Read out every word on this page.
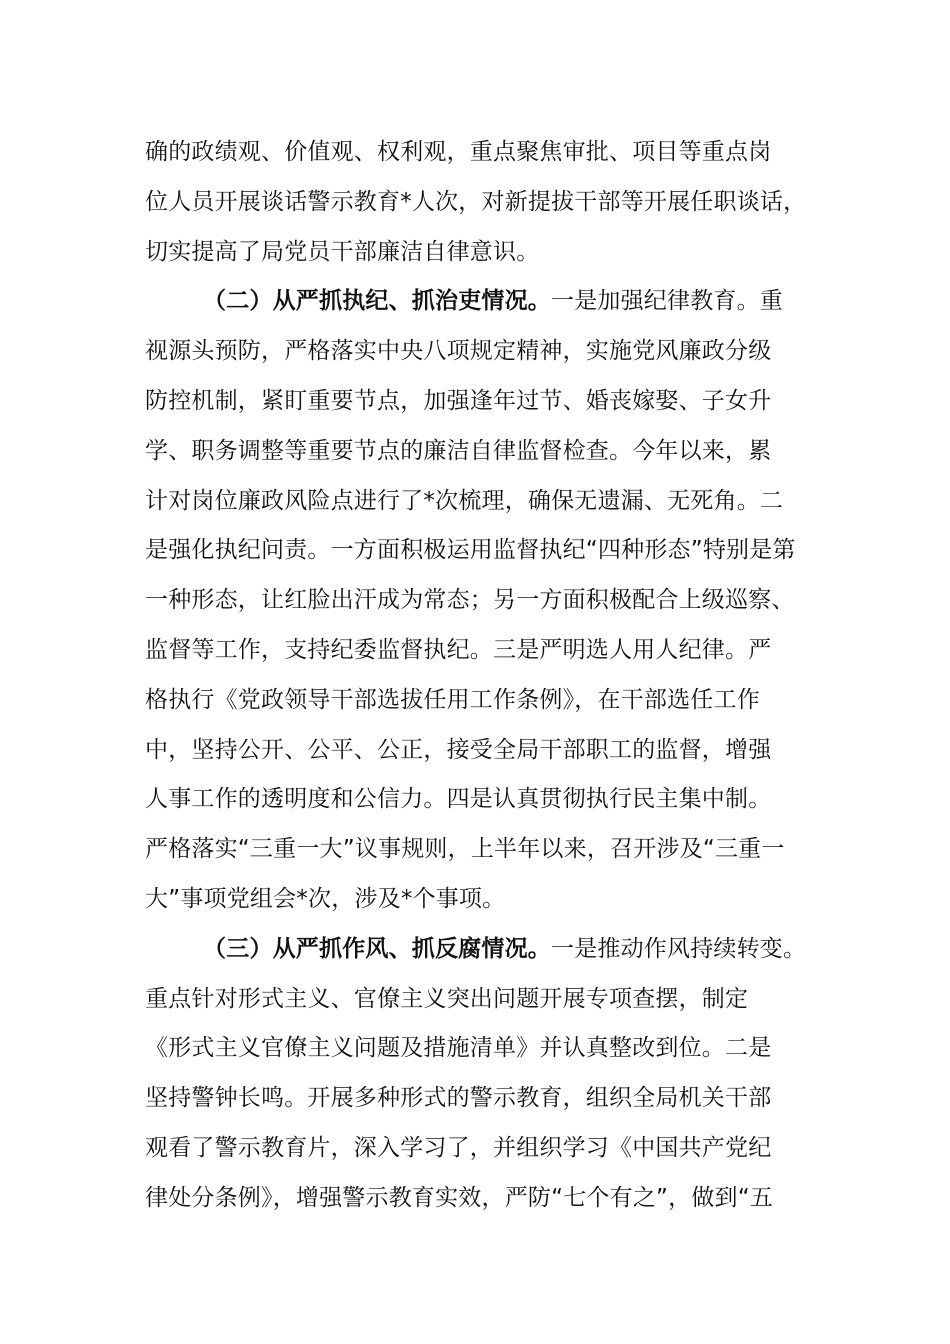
确的政绩观、价值观、权利观，重点聚焦审批、项目等重点岗
位人员开展谈话警示教育*人次，对新提拔干部等开展任职谈话，
切实提高了局党员干部廉洁自律意识。
（二）从严抓执纪、抓治吏情况。一是加强纪律教育。重
视源头预防，严格落实中央八项规定精神，实施党风廉政分级
防控机制，紧盯重要节点，加强逢年过节、婚丧嫁娶、子女升
学、职务调整等重要节点的廉洁自律监督检查。今年以来，累
计对岗位廉政风险点进行了*次梳理，确保无遗漏、无死角。二
是强化执纪问责。一方面积极运用监督执纪“四种形态”特别是第
一种形态，让红脸出汗成为常态；另一方面积极配合上级巡察、
监督等工作，支持纪委监督执纪。三是严明选人用人纪律。严
格执行《党政领导干部选拔任用工作条例》，在干部选任工作
中，坚持公开、公平、公正，接受全局干部职工的监督，增强
人事工作的透明度和公信力。四是认真贯彻执行民主集中制。
严格落实“三重一大”议事规则，上半年以来，召开涉及“三重一
大”事项党组会*次，涉及*个事项。
（三）从严抓作风、抓反腐情况。一是推动作风持续转变。
重点针对形式主义、官僚主义突出问题开展专项查摆，制定
《形式主义官僚主义问题及措施清单》并认真整改到位。二是
坚持警钟长鸣。开展多种形式的警示教育，组织全局机关干部
观看了警示教育片，深入学习了，并组织学习《中国共产党纪
律处分条例》，增强警示教育实效，严防“七个有之”，做到“五
